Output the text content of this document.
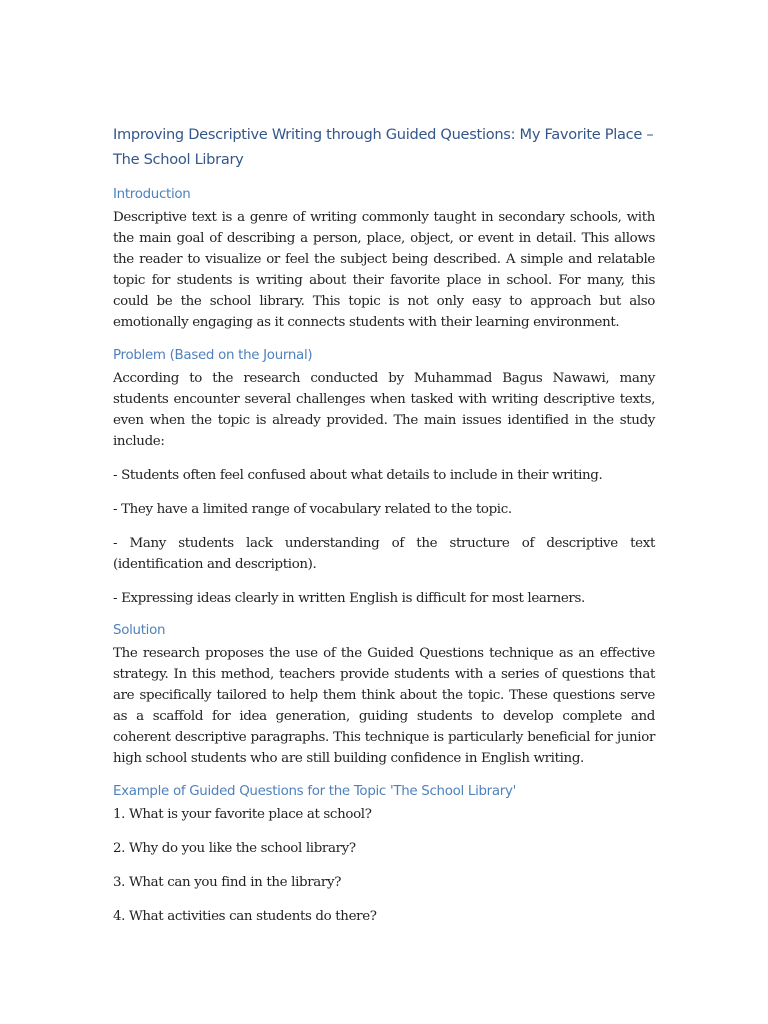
Improving Descriptive Writing through Guided Questions: My Favorite Place – The School Library
Introduction

Descriptive text is a genre of writing commonly taught in secondary schools, with the main goal of describing a person, place, object, or event in detail. This allows the reader to visualize or feel the subject being described. A simple and relatable topic for students is writing about their favorite place in school. For many, this could be the school library. This topic is not only easy to approach but also emotionally engaging as it connects students with their learning environment.

Problem (Based on the Journal)

According to the research conducted by Muhammad Bagus Nawawi, many students encounter several challenges when tasked with writing descriptive texts, even when the topic is already provided. The main issues identified in the study include:

- Students often feel confused about what details to include in their writing.
- They have a limited range of vocabulary related to the topic.
- Many students lack understanding of the structure of descriptive text (identification and description).
- Expressing ideas clearly in written English is difficult for most learners.
Solution

The research proposes the use of the Guided Questions technique as an effective strategy. In this method, teachers provide students with a series of questions that are specifically tailored to help them think about the topic. These questions serve as a scaffold for idea generation, guiding students to develop complete and coherent descriptive paragraphs. This technique is particularly beneficial for junior high school students who are still building confidence in English writing.

Example of Guided Questions for the Topic 'The School Library'
1. What is your favorite place at school?
2. Why do you like the school library?
3. What can you find in the library?
4. What activities can students do there?
